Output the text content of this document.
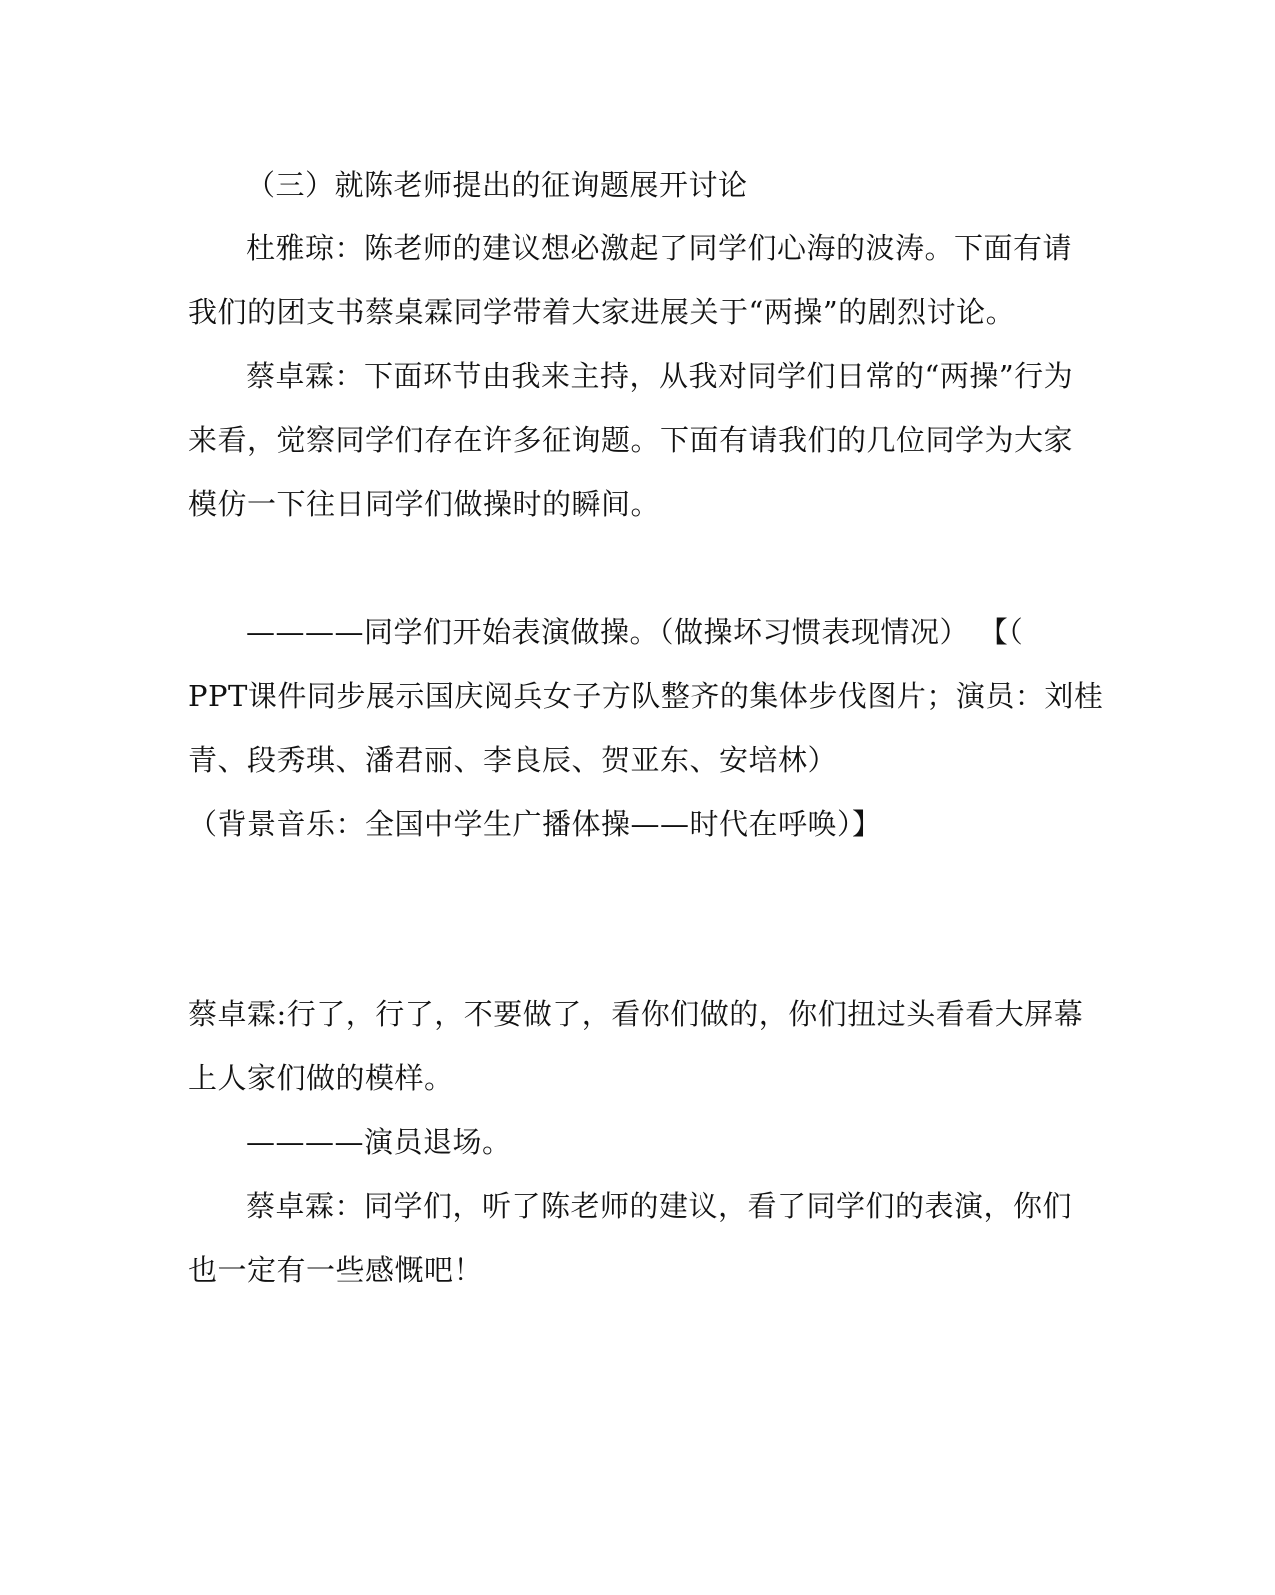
（三）就陈老师提出的征询题展开讨论
杜雅琼：陈老师的建议想必激起了同学们心海的波涛。下面有请
我们的团支书蔡桌霖同学带着大家进展关于“两操”的剧烈讨论。
蔡卓霖：下面环节由我来主持，从我对同学们日常的“两操”行为
来看，觉察同学们存在许多征询题。下面有请我们的几位同学为大家
模仿一下往日同学们做操时的瞬间。
————同学们开始表演做操。（做操坏习惯表现情况） 【（
PPT课件同步展示国庆阅兵女子方队整齐的集体步伐图片；演员：刘桂
青、段秀琪、潘君丽、李良辰、贺亚东、安培林）
（背景音乐：全国中学生广播体操——时代在呼唤）】
蔡卓霖:行了，行了，不要做了，看你们做的，你们扭过头看看大屏幕
上人家们做的模样。
————演员退场。
蔡卓霖：同学们，听了陈老师的建议，看了同学们的表演，你们
也一定有一些感慨吧！
